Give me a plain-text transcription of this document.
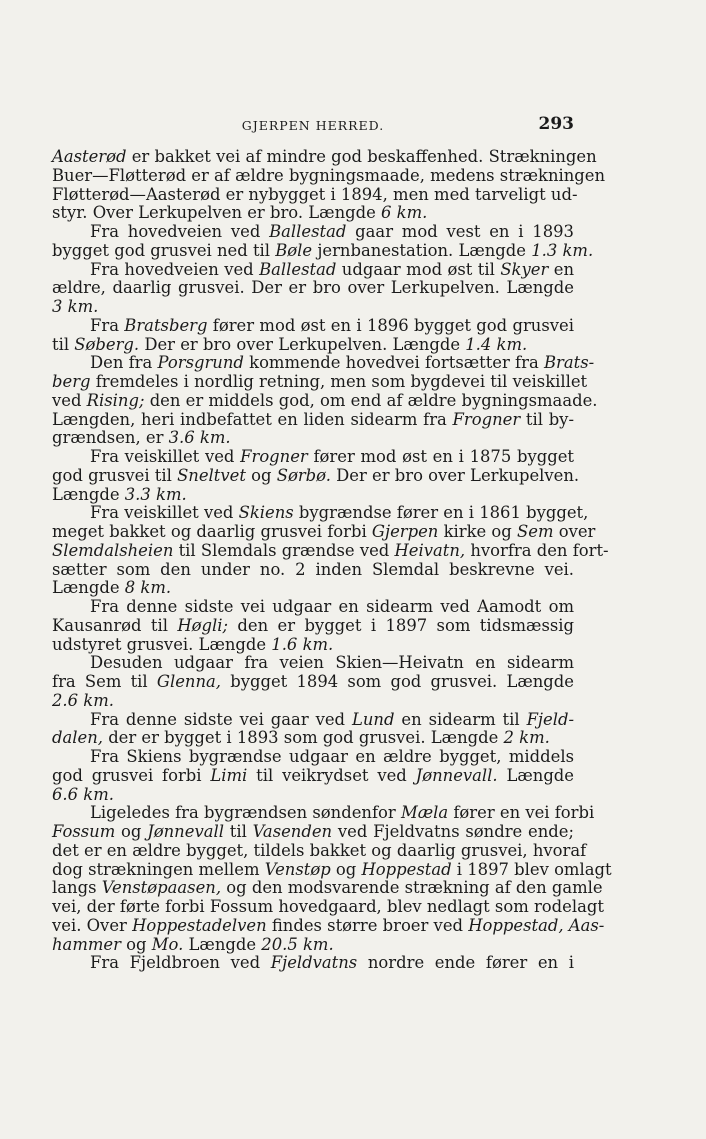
GJERPEN HERRED.	293
Aasterød er bakket vei af mindre god beskaffenhed. Strækningen
Buer—Fløtterød er af ældre bygningsmaade, medens strækningen
Fløtterød—Aasterød er nybygget i 1894, men med tarveligt ud-
styr. Over Lerkupelven er bro. Længde 6 km.
Fra hovedveien ved Ballestad gaar mod vest en i 1893
bygget god grusvei ned til Bøle jernbanestation. Længde 1.3 km.
Fra hovedveien ved Ballestad udgaar mod øst til Skyer en
ældre, daarlig grusvei. Der er bro over Lerkupelven. Længde
3 km.
Fra Bratsberg fører mod øst en i 1896 bygget god grusvei
til Søberg. Der er bro over Lerkupelven. Længde 1.4 km.
Den fra Porsgrund kommende hovedvei fortsætter fra Brats-
berg fremdeles i nordlig retning, men som bygdevei til veiskillet
ved Rising; den er middels god, om end af ældre bygningsmaade.
Længden, heri indbefattet en liden sidearm fra Frogner til by-
grændsen, er 3.6 km.
Fra veiskillet ved Frogner fører mod øst en i 1875 bygget
god grusvei til Sneltvet og Sørbø. Der er bro over Lerkupelven.
Længde 3.3 km.
Fra veiskillet ved Skiens bygrændse fører en i 1861 bygget,
meget bakket og daarlig grusvei forbi Gjerpen kirke og Sem over
Slemdalsheien til Slemdals grændse ved Heivatn, hvorfra den fort-
sætter som den under no. 2 inden Slemdal beskrevne vei.
Længde 8 km.
Fra denne sidste vei udgaar en sidearm ved Aamodt om
Kausanrød til Høgli; den er bygget i 1897 som tidsmæssig
udstyret grusvei. Længde 1.6 km.
Desuden udgaar fra veien Skien—Heivatn en sidearm
fra Sem til Glenna, bygget 1894 som god grusvei. Længde
2.6 km.
Fra denne sidste vei gaar ved Lund en sidearm til Fjeld-
dalen, der er bygget i 1893 som god grusvei. Længde 2 km.
Fra Skiens bygrændse udgaar en ældre bygget, middels
god grusvei forbi Limi til veikrydset ved Jønnevall. Længde
6.6 km.
Ligeledes fra bygrændsen søndenfor Mæla fører en vei forbi
Fossum og Jønnevall til Vasenden ved Fjeldvatns søndre ende;
det er en ældre bygget, tildels bakket og daarlig grusvei, hvoraf
dog strækningen mellem Venstøp og Hoppestad i 1897 blev omlagt
langs Venstøpaasen, og den modsvarende strækning af den gamle
vei, der førte forbi Fossum hovedgaard, blev nedlagt som rodelagt
vei. Over Hoppestadelven findes større broer ved Hoppestad, Aas-
hammer og Mo. Længde 20.5 km.
Fra Fjeldbroen ved Fjeldvatns nordre ende fører en i
